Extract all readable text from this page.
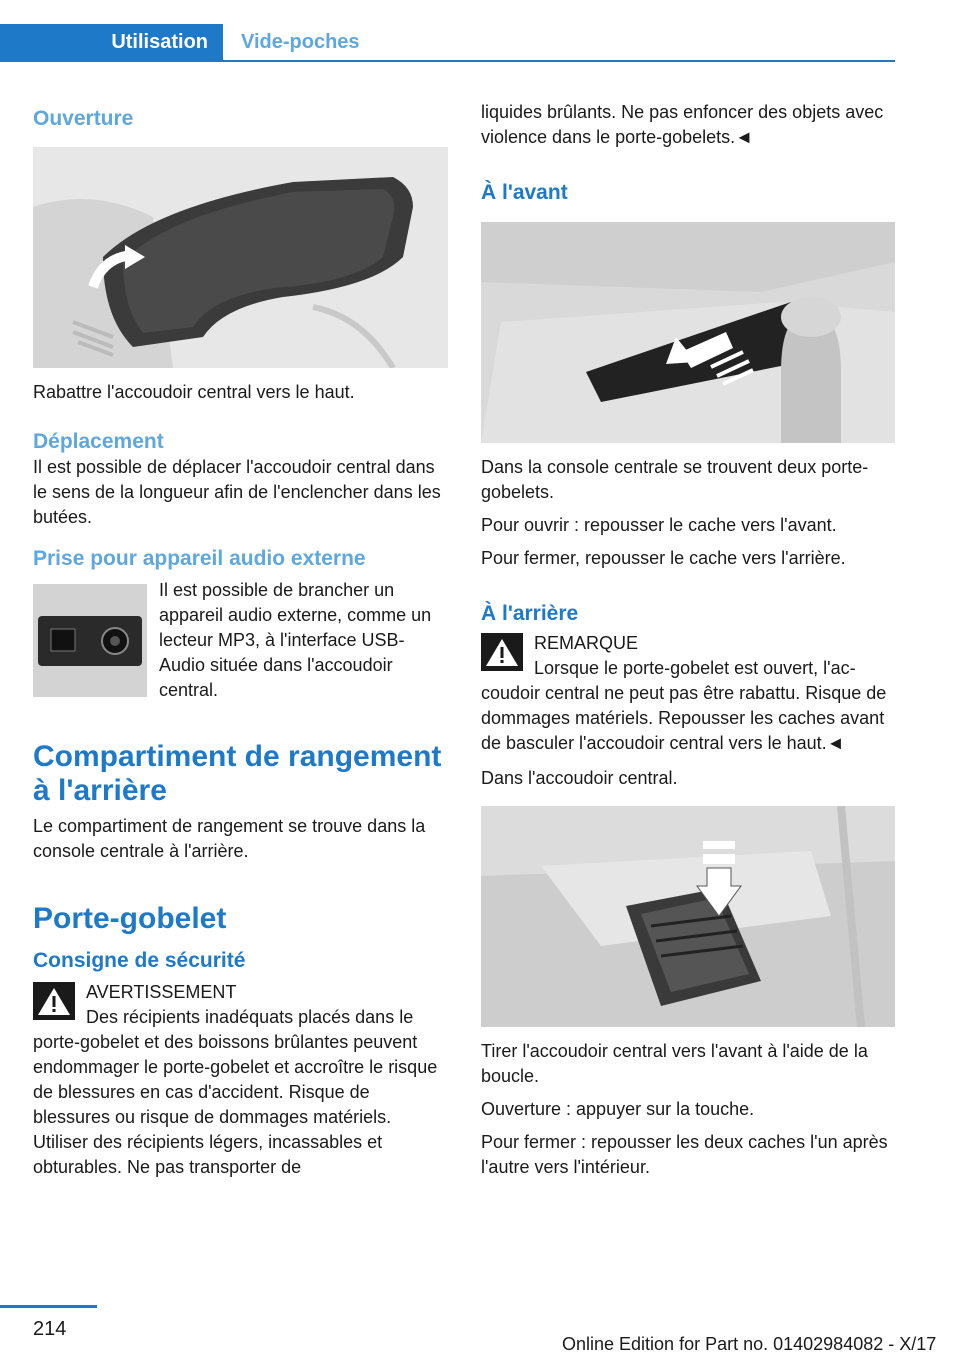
Utilisation	Vide-poches
Ouverture

Rabattre l'accoudoir central vers le haut.

Déplacement

Il est possible de déplacer l'accoudoir central dans le sens de la longueur afin de l'enclencher dans les butées.

Prise pour appareil audio externe

Il est possible de brancher un appareil audio externe, comme un lecteur MP3, à l'interface USB-Audio située dans l'accoudoir central.

Compartiment de rangement à l'arrière

Le compartiment de rangement se trouve dans la console centrale à l'arrière.

Porte-gobelet
Consigne de sécurité

AVERTISSEMENT

Des récipients inadéquats placés dans le porte-gobelet et des boissons brûlantes peuvent endommager le porte-gobelet et accroître le risque de blessures en cas d'accident. Risque de blessures ou risque de dommages matériels. Utiliser des récipients légers, incassables et obturables. Ne pas transporter de

liquides brûlants. Ne pas enfoncer des objets avec violence dans le porte-gobelets.◄

À l'avant

Dans la console centrale se trouvent deux porte-gobelets.

Pour ouvrir : repousser le cache vers l'avant.

Pour fermer, repousser le cache vers l'arrière.

À l'arrière

REMARQUE

Lorsque le porte-gobelet est ouvert, l'accoudoir central ne peut pas être rabattu. Risque de dommages matériels. Repousser les caches avant de basculer l'accoudoir central vers le haut.◄

Dans l'accoudoir central.

Tirer l'accoudoir central vers l'avant à l'aide de la boucle.

Ouverture : appuyer sur la touche.

Pour fermer : repousser les deux caches l'un après l'autre vers l'intérieur.

214
Online Edition for Part no. 01402984082 - X/17
